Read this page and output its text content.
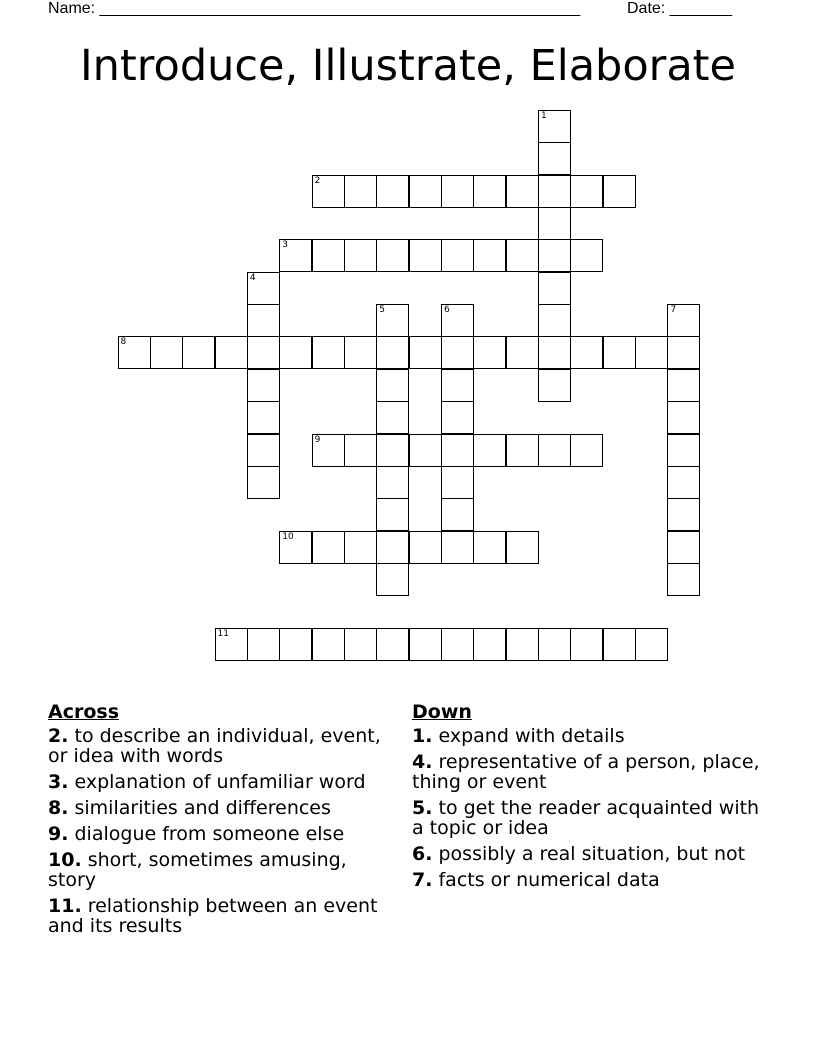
Name: ______________________________________________________	Date: _______
Introduce, Illustrate, Elaborate
1
2
3
4
5	6	7
8
9
10
11
Across
2. to describe an individual, event, or idea with words
3. explanation of unfamiliar word
8. similarities and differences
9. dialogue from someone else
10. short, sometimes amusing, story
11. relationship between an event and its results
Down
1. expand with details
4. representative of a person, place, thing or event
5. to get the reader acquainted with a topic or idea
6. possibly a real situation, but not
7. facts or numerical data
